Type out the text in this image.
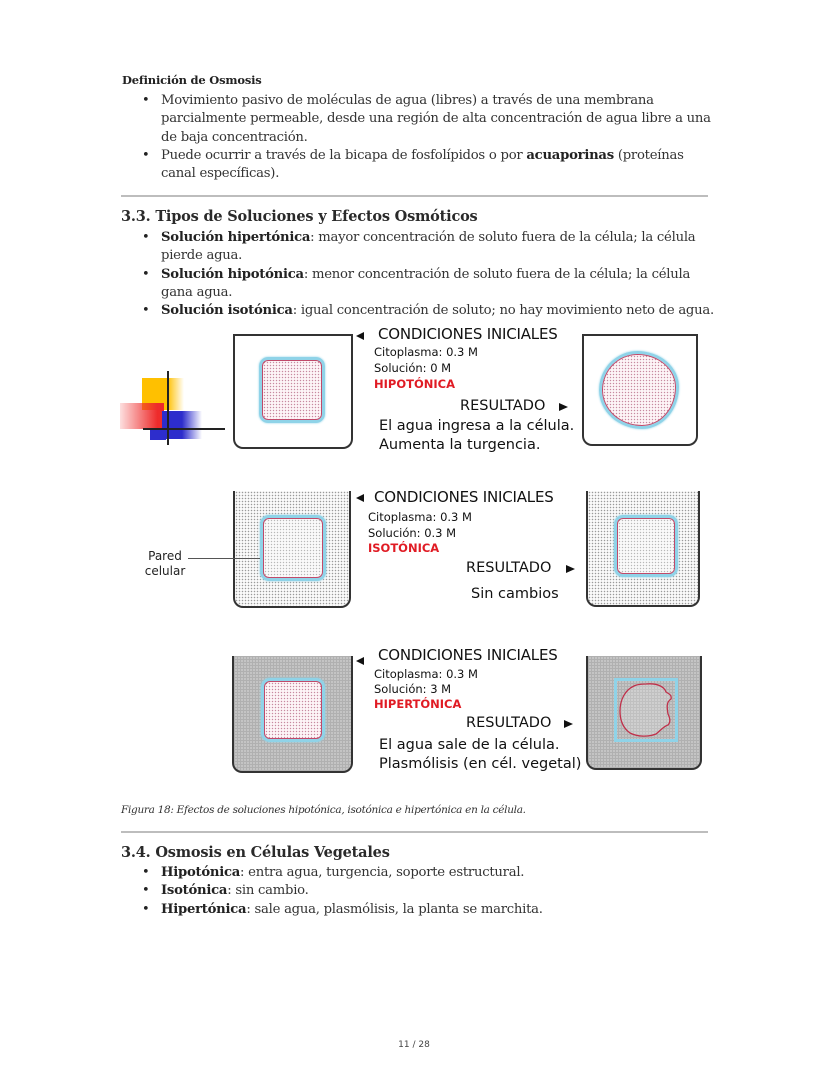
Definición de Osmosis
• Movimiento pasivo de moléculas de agua (libres) a través de una membrana parcialmente permeable, desde una región de alta concentración de agua libre a una de baja concentración.
• Puede ocurrir a través de la bicapa de fosfolípidos o por acuaporinas (proteínas canal específicas).
3.3. Tipos de Soluciones y Efectos Osmóticos
• Solución hipertónica: mayor concentración de soluto fuera de la célula; la célula pierde agua.
• Solución hipotónica: menor concentración de soluto fuera de la célula; la célula gana agua.
• Solución isotónica: igual concentración de soluto; no hay movimiento neto de agua.
CONDICIONES INICIALES
Citoplasma: 0.3 M
Solución: 0 M
HIPOTÓNICA
RESULTADO
El agua ingresa a la célula.
Aumenta la turgencia.
Pared celular
CONDICIONES INICIALES
Citoplasma: 0.3 M
Solución: 0.3 M
ISOTÓNICA
RESULTADO
Sin cambios
CONDICIONES INICIALES
Citoplasma: 0.3 M
Solución: 3 M
HIPERTÓNICA
RESULTADO
El agua sale de la célula.
Plasmólisis (en cél. vegetal)
Figura 18: Efectos de soluciones hipotónica, isotónica e hipertónica en la célula.
3.4. Osmosis en Células Vegetales
• Hipotónica: entra agua, turgencia, soporte estructural.
• Isotónica: sin cambio.
• Hipertónica: sale agua, plasmólisis, la planta se marchita.
11 / 28
